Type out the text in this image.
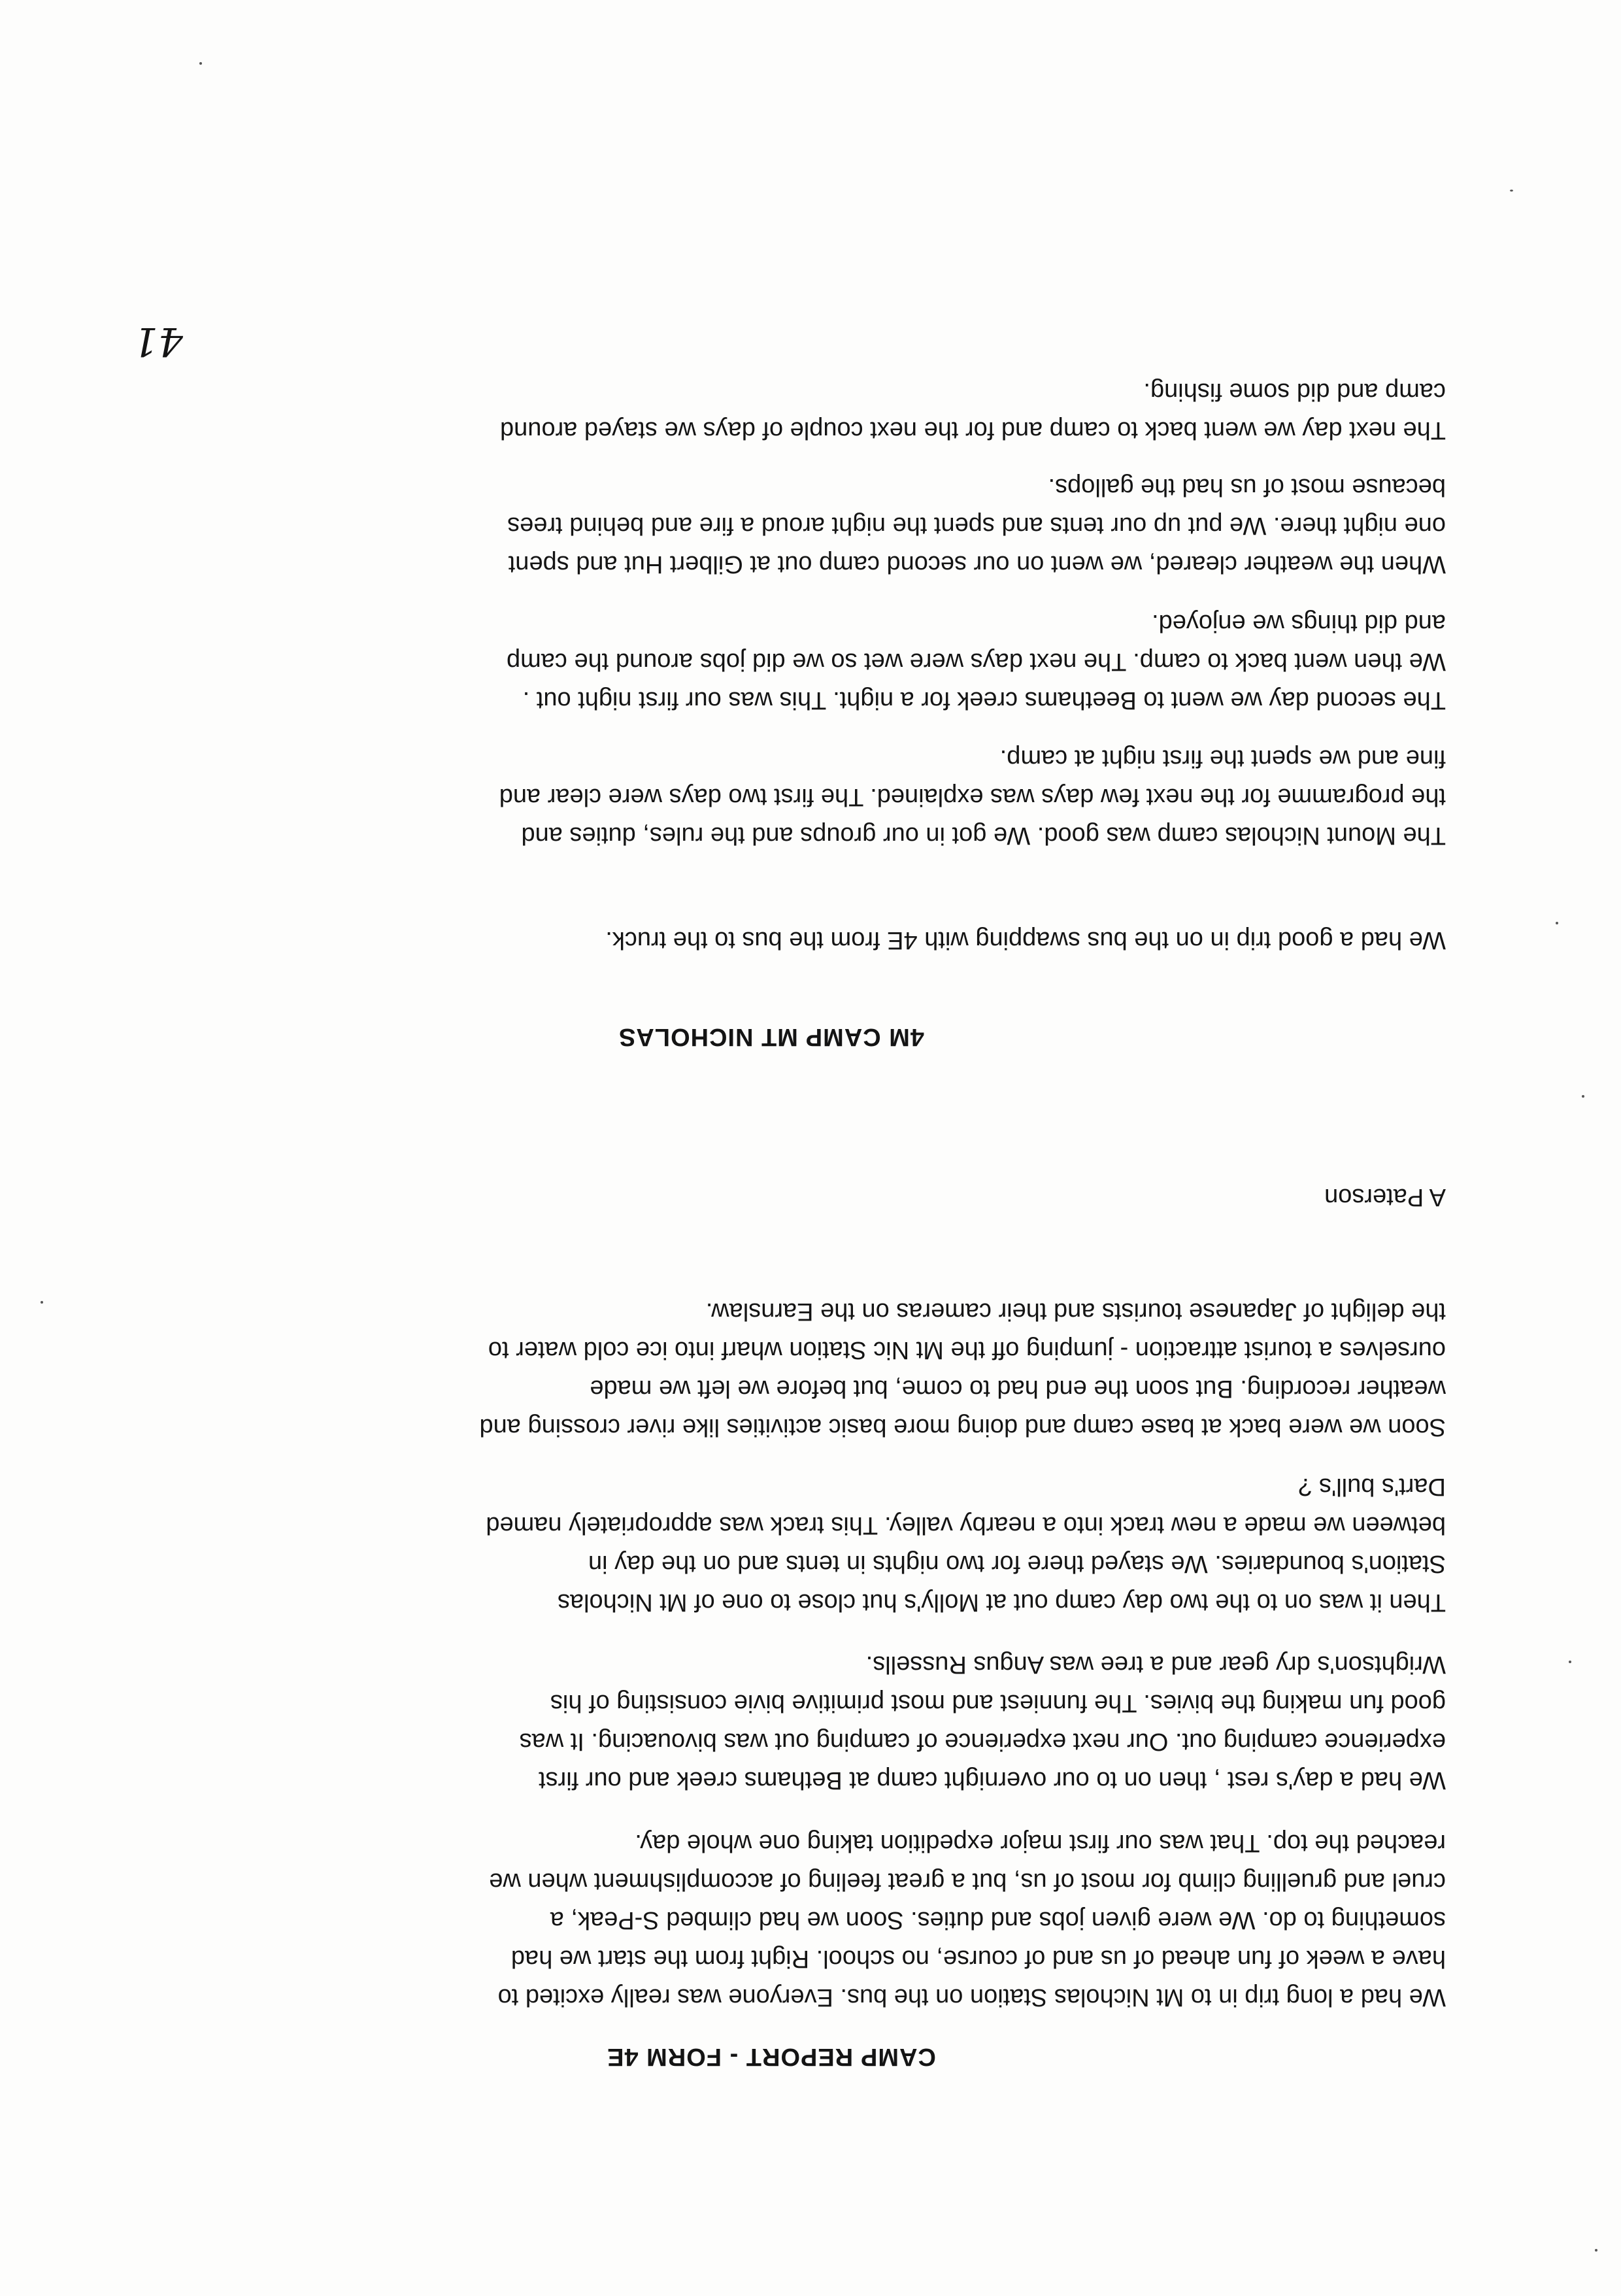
CAMP REPORT - FORM 4E

We had a long trip in to Mt Nicholas Station on the bus. Everyone was really excited to
have a week of fun ahead of us and of course, no school. Right from the start we had
something to do. We were given jobs and duties. Soon we had climbed S-Peak, a
cruel and gruelling climb for most of us, but a great feeling of accomplishment when we
reached the top. That was our first major expedition taking one whole day.

We had a day's rest , then on to our overnight camp at Bethams creek and our first
experience camping out. Our next experience of camping out was bivouacing. It was
good fun making the bivies. The funniest and most primitive bivie consisting of his
Wrightson's dry gear and a tree was Angus Russells.

Then it was on to the two day camp out at Molly's hut close to one of Mt Nicholas
Station's boundaries. We stayed there for two nights in tents and on the day in
between we made a new track into a nearby valley. This track was appropriately named
Dart's bull's ?

Soon we were back at base camp and doing more basic activities like river crossing and
weather recording. But soon the end had to come, but before we left we made
ourselves a tourist attraction - jumping off the Mt Nic Station wharf into ice cold water to
the delight of Japanese tourists and their cameras on the Earnslaw.

A Paterson

4M CAMP MT NICHOLAS

We had a good trip in on the bus swapping with 4E from the bus to the truck.

The Mount Nicholas camp was good. We got in our groups and the rules, duties and
the programme for the next few days was explained. The first two days were clear and
fine and we spent the first night at camp.

The second day we went to Beethams creek for a night. This was our first night out .
We then went back to camp. The next days were wet so we did jobs around the camp
and did things we enjoyed.

When the weather cleared, we went on our second camp out at Gilbert Hut and spent
one night there. We put up our tents and spent the night aroud a fire and behind trees
because most of us had the gallops.

The next day we went back to camp and for the next couple of days we stayed around
camp and did some fishing.

41
